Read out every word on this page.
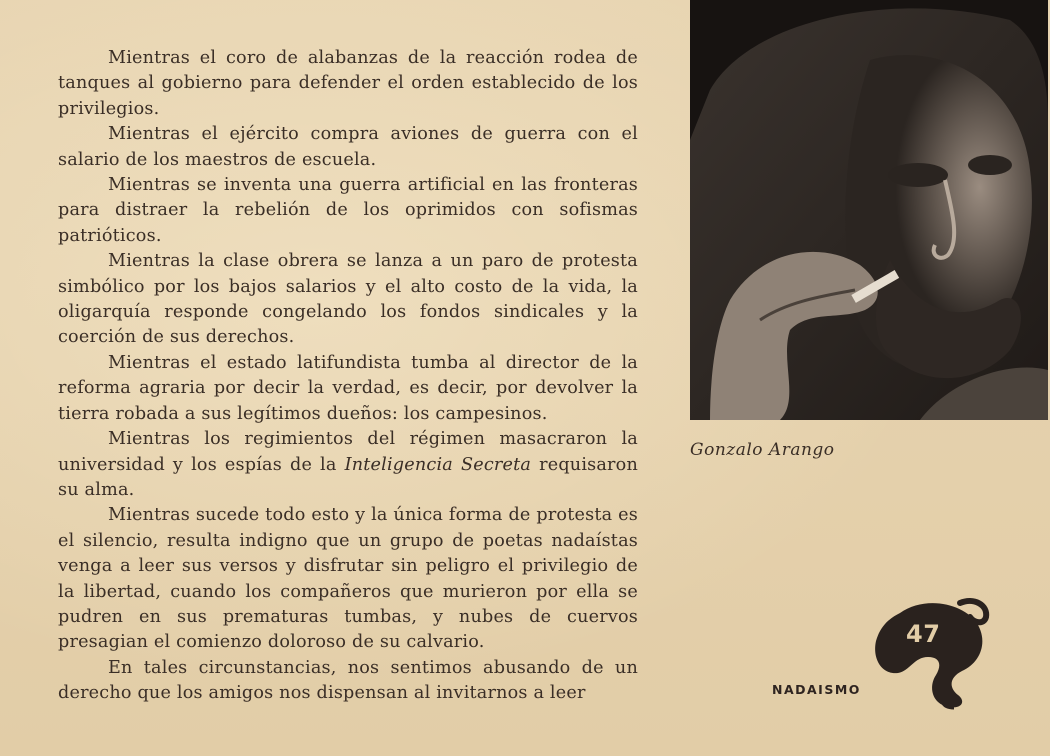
Mientras el coro de alabanzas de la reacción rodea de tanques al gobierno para defender el orden establecido de los privilegios.

Mientras el ejército compra aviones de guerra con el salario de los maestros de escuela.

Mientras se inventa una guerra artificial en las fronteras para distraer la rebelión de los oprimidos con sofismas patrióticos.

Mientras la clase obrera se lanza a un paro de protesta simbólico por los bajos salarios y el alto costo de la vida, la oligarquía responde congelando los fondos sindicales y la coerción de sus derechos.

Mientras el estado latifundista tumba al director de la reforma agraria por decir la verdad, es decir, por devolver la tierra robada a sus legítimos dueños: los campesinos.

Mientras los regimientos del régimen masacraron la universidad y los espías de la Inteligencia Secreta requisaron su alma.

Mientras sucede todo esto y la única forma de protesta es el silencio, resulta indigno que un grupo de poetas nadaístas venga a leer sus versos y disfrutar sin peligro el privilegio de la libertad, cuando los compañeros que murieron por ella se pudren en sus prematuras tumbas, y nubes de cuervos presagian el comienzo doloroso de su calvario.

En tales circunstancias, nos sentimos abusando de un derecho que los amigos nos dispensan al invitarnos a leer

Gonzalo Arango
NADAISMO
47
